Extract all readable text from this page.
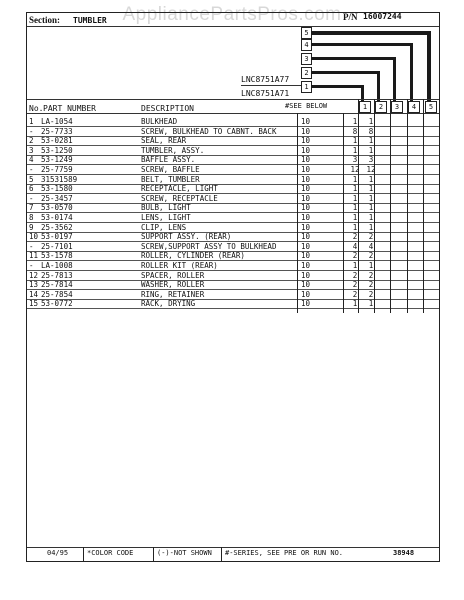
AppliancePartsPros.com
Section: TUMBLER	P/N 16007244
5
4
3
2
1
LNC8751A77
LNC8751A71
1	2	3	4	5
No. PART NUMBER	DESCRIPTION	#SEE BELOW
1 LA-1054	BULKHEAD	10	1	1
- 25-7733	SCREW, BULKHEAD TO CABNT. BACK	10	8	8
2 53-0281	SEAL, REAR	10	1	1
3 53-1250	TUMBLER, ASSY.	10	1	1
4 53-1249	BAFFLE ASSY.	10	3	3
- 25-7759	SCREW, BAFFLE	10	12 12
5 31531589	BELT, TUMBLER	10	1	1
6 53-1580	RECEPTACLE, LIGHT	10	1	1
- 25-3457	SCREW, RECEPTACLE	10	1	1
7 53-0570	BULB, LIGHT	10	1	1
8 53-0174	LENS, LIGHT	10	1	1
9 25-3562	CLIP, LENS	10	1	1
10 53-0197	SUPPORT ASSY. (REAR)	10	2	2
- 25-7101	SCREW,SUPPORT ASSY TO BULKHEAD	10	4	4
11 53-1578	ROLLER, CYLINDER (REAR)	10	2	2
- LA-1008	ROLLER KIT (REAR)	10	1	1
12 25-7813	SPACER, ROLLER	10	2	2
13 25-7814	WASHER, ROLLER	10	2	2
14 25-7854	RING, RETAINER	10	2	2
15 53-0772	RACK, DRYING	10	1	1
04/95	*COLOR CODE	(-)-NOT SHOWN #-SERIES, SEE PRE OR RUN NO.	38948
